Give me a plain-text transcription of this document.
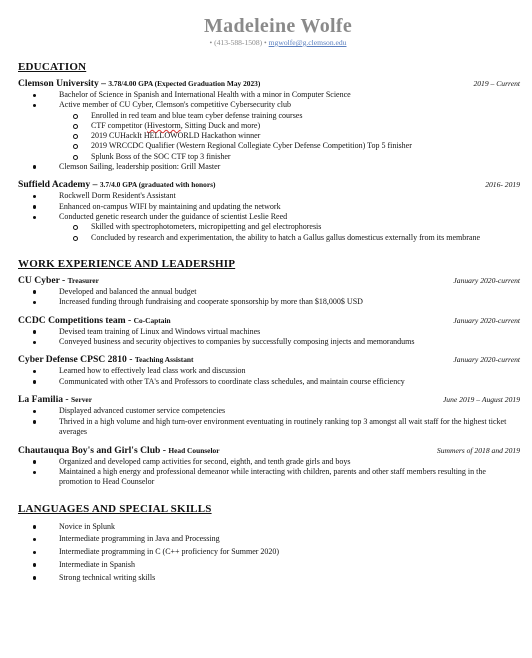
Madeleine Wolfe
• (413-588-1508) • mgwolfe@g.clemson.edu
EDUCATION
Clemson University – 3.78/4.00 GPA (Expected Graduation May 2023)	2019 – Current
Bachelor of Science in Spanish and International Health with a minor in Computer Science
Active member of CU Cyber, Clemson's competitive Cybersecurity club
Enrolled in red team and blue team cyber defense training courses
CTF competitor (Hivestorm, Sitting Duck and more)
2019 CUHackIt HELLOWORLD Hackathon winner
2019 WRCCDC Qualifier (Western Regional Collegiate Cyber Defense Competition) Top 5 finisher
Splunk Boss of the SOC CTF top 3 finisher
Clemson Sailing, leadership position: Grill Master
Suffield Academy – 3.7/4.0 GPA (graduated with honors)	2016- 2019
Rockwell Dorm Resident's Assistant
Enhanced on-campus WIFI by maintaining and updating the network
Conducted genetic research under the guidance of scientist Leslie Reed
Skilled with spectrophotometers, micropipetting and gel electrophoresis
Concluded by research and experimentation, the ability to hatch a Gallus gallus domesticus externally from its membrane
WORK EXPERIENCE AND LEADERSHIP
CU Cyber - Treasurer	January 2020-current
Developed and balanced the annual budget
Increased funding through fundraising and cooperate sponsorship by more than $18,000$ USD
CCDC Competitions team - Co-Captain	January 2020-current
Devised team training of Linux and Windows virtual machines
Conveyed business and security objectives to companies by successfully composing injects and memorandums
Cyber Defense CPSC 2810 - Teaching Assistant	January 2020-current
Learned how to effectively lead class work and discussion
Communicated with other TA's and Professors to coordinate class schedules, and maintain course efficiency
La Familia - Server	June 2019 – August 2019
Displayed advanced customer service competencies
Thrived in a high volume and high turn-over environment eventuating in routinely ranking top 3 amongst all wait staff for the highest ticket averages
Chautauqua Boy's and Girl's Club - Head Counselor	Summers of 2018 and 2019
Organized and developed camp activities for second, eighth, and tenth grade girls and boys
Maintained a high energy and professional demeanor while interacting with children, parents and other staff members resulting in the promotion to Head Counselor
LANGUAGES AND SPECIAL SKILLS
Novice in Splunk
Intermediate programming in Java and Processing
Intermediate programming in C (C++ proficiency for Summer 2020)
Intermediate in Spanish
Strong technical writing skills
